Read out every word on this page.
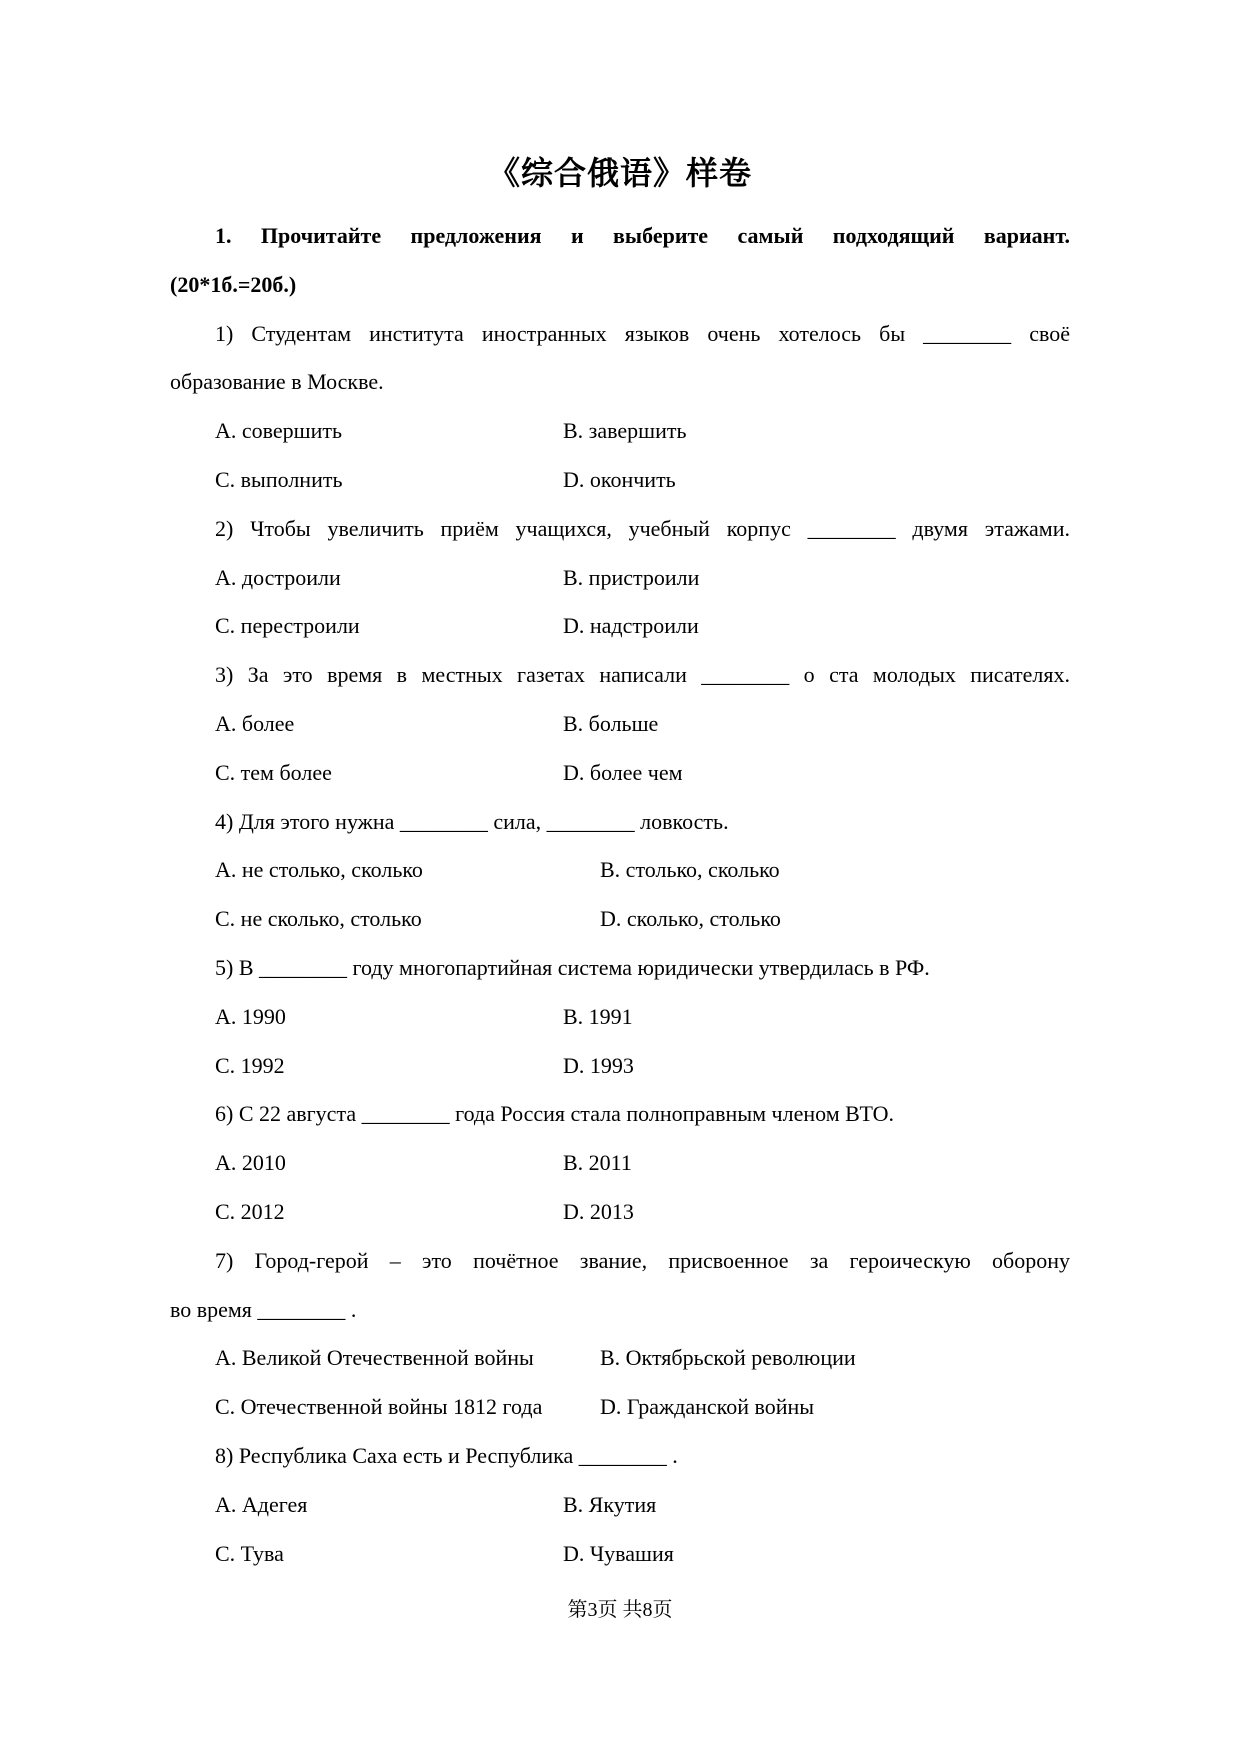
《综合俄语》样卷
1. Прочитайте предложения и выберите самый подходящий вариант.
(20*1б.=20б.)
1) Студентам института иностранных языков очень хотелось бы ________ своё
образование в Москве.
A. совершить	B. завершить
C. выполнить	D. окончить
2) Чтобы увеличить приём учащихся, учебный корпус ________ двумя этажами.
A. достроили	B. пристроили
C. перестроили	D. надстроили
3) За это время в местных газетах написали ________ о ста молодых писателях.
A. более	B. больше
C. тем более	D. более чем
4) Для этого нужна ________ сила, ________ ловкость.
A. не столько, сколько	B. столько, сколько
C. не сколько, столько	D. сколько, столько
5) В ________ году многопартийная система юридически утвердилась в РФ.
A. 1990	B. 1991
C. 1992	D. 1993
6) С 22 августа ________ года Россия стала полноправным членом ВТО.
A. 2010	B. 2011
C. 2012	D. 2013
7) Город-герой – это почётное звание, присвоенное за героическую оборону
во время ________ .
A. Великой Отечественной войны	B. Октябрьской революции
C. Отечественной войны 1812 года	D. Гражданской войны
8) Республика Саха есть и Республика ________ .
A. Адегея	B. Якутия
C. Тува	D. Чувашия
第3页 共8页
